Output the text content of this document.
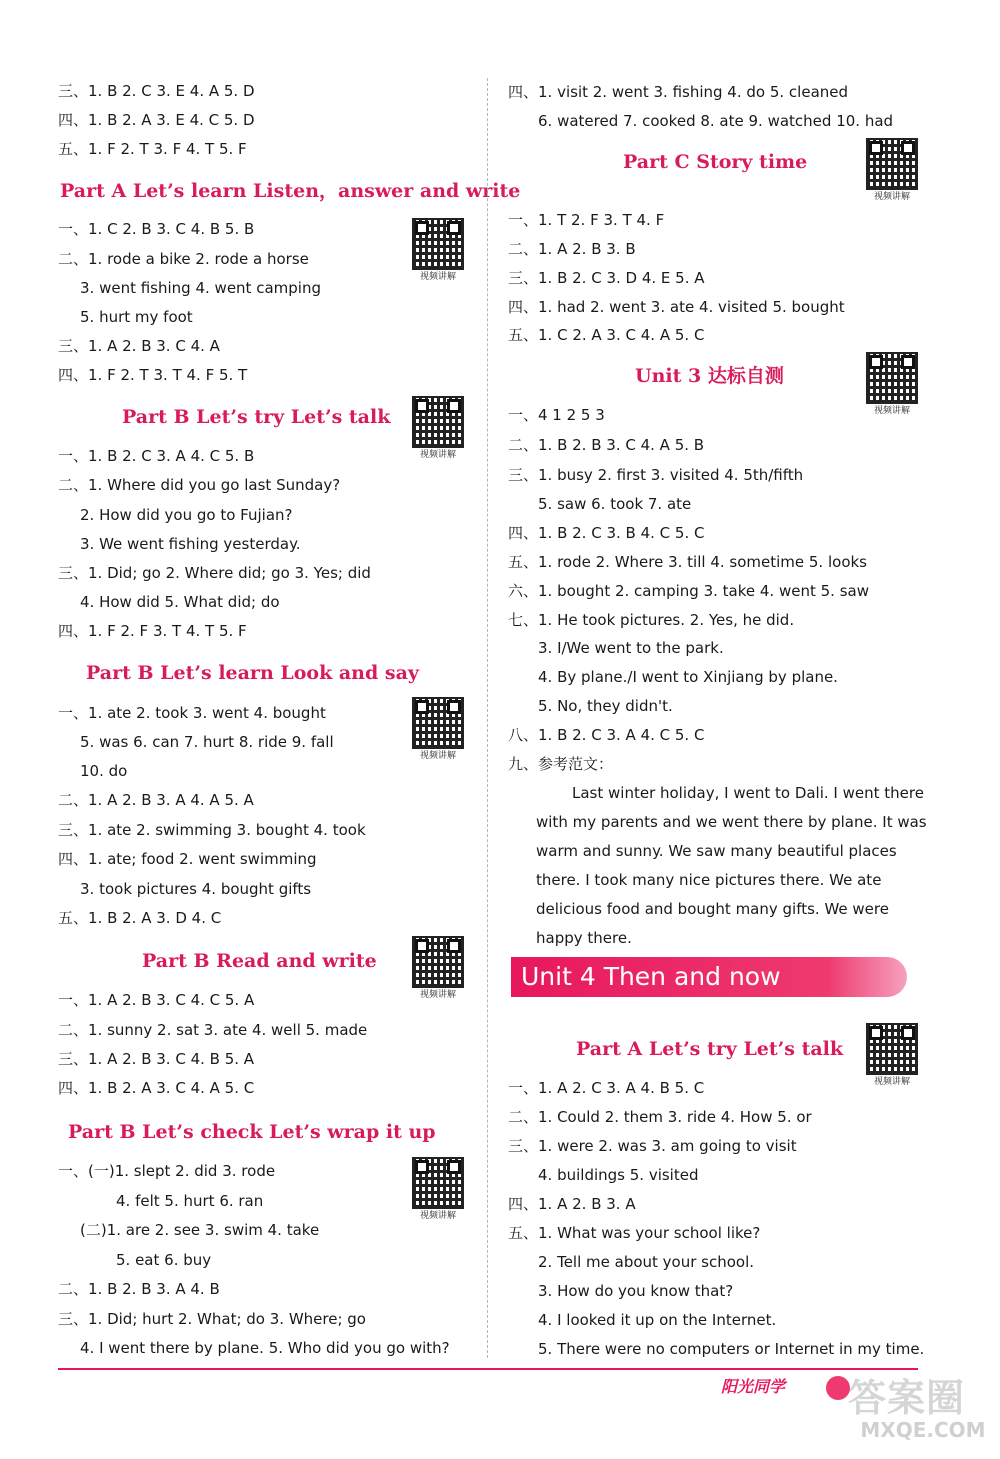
三、1. B 2. C 3. E 4. A 5. D
四、1. B 2. A 3. E 4. C 5. D
五、1. F 2. T 3. F 4. T 5. F
Part A Let’s learn Listen，answer and write
一、1. C 2. B 3. C 4. B 5. B
二、1. rode a bike 2. rode a horse
3. went fishing 4. went camping
5. hurt my foot
三、1. A 2. B 3. C 4. A
四、1. F 2. T 3. T 4. F 5. T
Part B Let’s try Let’s talk
一、1. B 2. C 3. A 4. C 5. B
二、1. Where did you go last Sunday?
2. How did you go to Fujian?
3. We went fishing yesterday.
三、1. Did; go 2. Where did; go 3. Yes; did
4. How did 5. What did; do
四、1. F 2. F 3. T 4. T 5. F
Part B Let’s learn Look and say
一、1. ate 2. took 3. went 4. bought
5. was 6. can 7. hurt 8. ride 9. fall
10. do
二、1. A 2. B 3. A 4. A 5. A
三、1. ate 2. swimming 3. bought 4. took
四、1. ate; food 2. went swimming
3. took pictures 4. bought gifts
五、1. B 2. A 3. D 4. C
Part B Read and write
一、1. A 2. B 3. C 4. C 5. A
二、1. sunny 2. sat 3. ate 4. well 5. made
三、1. A 2. B 3. C 4. B 5. A
四、1. B 2. A 3. C 4. A 5. C
Part B Let’s check Let’s wrap it up
一、(一)1. slept 2. did 3. rode
4. felt 5. hurt 6. ran
(二)1. are 2. see 3. swim 4. take
5. eat 6. buy
二、1. B 2. B 3. A 4. B
三、1. Did; hurt 2. What; do 3. Where; go
4. I went there by plane. 5. Who did you go with?
视频讲解
视频讲解
视频讲解
视频讲解
视频讲解
四、1. visit 2. went 3. fishing 4. do 5. cleaned
6. watered 7. cooked 8. ate 9. watched 10. had
Part C Story time
一、1. T 2. F 3. T 4. F
二、1. A 2. B 3. B
三、1. B 2. C 3. D 4. E 5. A
四、1. had 2. went 3. ate 4. visited 5. bought
五、1. C 2. A 3. C 4. A 5. C
Unit 3 达标自测
一、4 1 2 5 3
二、1. B 2. B 3. C 4. A 5. B
三、1. busy 2. first 3. visited 4. 5th/fifth
5. saw 6. took 7. ate
四、1. B 2. C 3. B 4. C 5. C
五、1. rode 2. Where 3. till 4. sometime 5. looks
六、1. bought 2. camping 3. take 4. went 5. saw
七、1. He took pictures. 2. Yes, he did.
3. I/We went to the park.
4. By plane./I went to Xinjiang by plane.
5. No, they didn't.
八、1. B 2. C 3. A 4. C 5. C
九、参考范文：
Last winter holiday, I went to Dali. I went there with my parents and we went there by plane. It was warm and sunny. We saw many beautiful places there. I took many nice pictures there. We ate delicious food and bought many gifts. We were happy there.
Part A Let’s try Let’s talk
一、1. A 2. C 3. A 4. B 5. C
二、1. Could 2. them 3. ride 4. How 5. or
三、1. were 2. was 3. am going to visit
4. buildings 5. visited
四、1. A 2. B 3. A
五、1. What was your school like?
2. Tell me about your school.
3. How do you know that?
4. I looked it up on the Internet.
5. There were no computers or Internet in my time.
视频讲解
视频讲解
视频讲解
Unit 4 Then and now
阳光同学	答案圈
MXQE.COM
